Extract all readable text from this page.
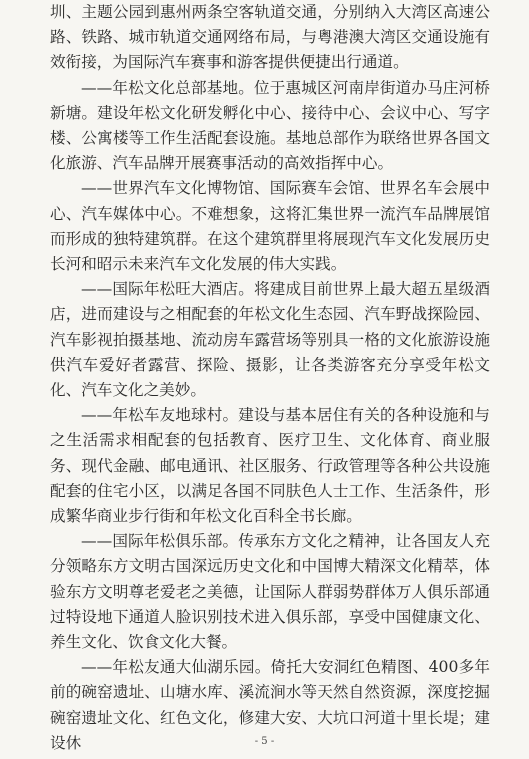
圳、主题公园到惠州两条空客轨道交通，分别纳入大湾区高速公路、铁路、城市轨道交通网络布局，与粤港澳大湾区交通设施有效衔接，为国际汽车赛事和游客提供便捷出行通道。

——年松文化总部基地。位于惠城区河南岸街道办马庄河桥新塘。建设年松文化研发孵化中心、接待中心、会议中心、写字楼、公寓楼等工作生活配套设施。基地总部作为联络世界各国文化旅游、汽车品牌开展赛事活动的高效指挥中心。

——世界汽车文化博物馆、国际赛车会馆、世界名车会展中心、汽车媒体中心。不难想象，这将汇集世界一流汽车品牌展馆而形成的独特建筑群。在这个建筑群里将展现汽车文化发展历史长河和昭示未来汽车文化发展的伟大实践。

——国际年松旺大酒店。将建成目前世界上最大超五星级酒店，进而建设与之相配套的年松文化生态园、汽车野战探险园、汽车影视拍摄基地、流动房车露营场等别具一格的文化旅游设施供汽车爱好者露营、探险、摄影，让各类游客充分享受年松文化、汽车文化之美妙。

——年松车友地球村。建设与基本居住有关的各种设施和与之生活需求相配套的包括教育、医疗卫生、文化体育、商业服务、现代金融、邮电通讯、社区服务、行政管理等各种公共设施配套的住宅小区，以满足各国不同肤色人士工作、生活条件，形成繁华商业步行街和年松文化百科全书长廊。

——国际年松俱乐部。传承东方文化之精神，让各国友人充分领略东方文明古国深远历史文化和中国博大精深文化精萃，体验东方文明尊老爱老之美德，让国际人群弱势群体万人俱乐部通过特设地下通道人脸识别技术进入俱乐部，享受中国健康文化、养生文化、饮食文化大餐。

——年松友通大仙湖乐园。倚托大安洞红色精图、400多年前的碗窑遗址、山塘水库、溪流涧水等天然自然资源，深度挖掘碗窑遗址文化、红色文化，修建大安、大坑口河道十里长堤；建设休	- 5 -
